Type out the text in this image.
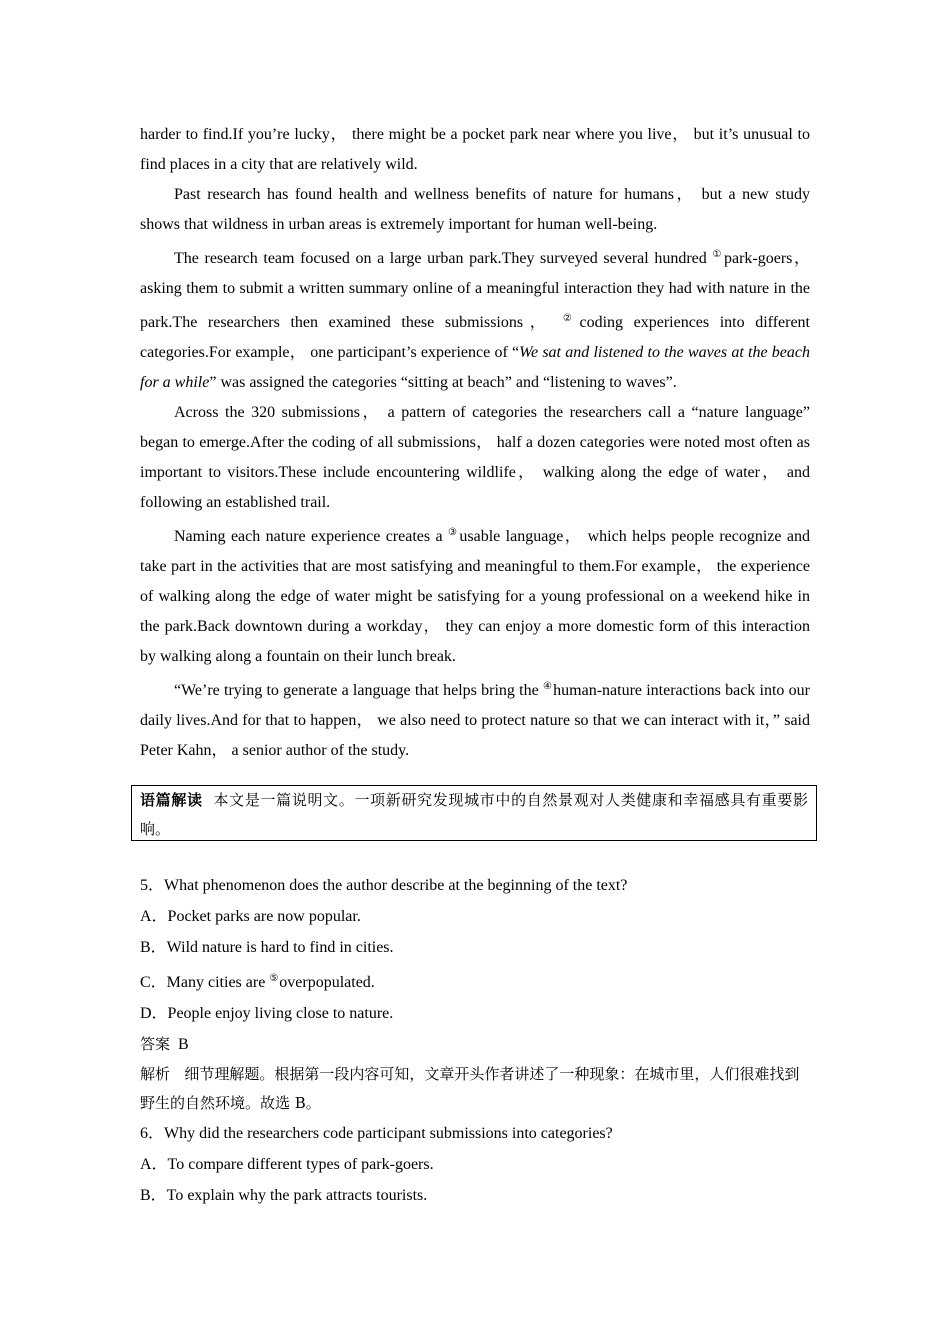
harder to find.If you’re lucky， there might be a pocket park near where you live， but it’s unusual to find places in a city that are relatively wild.

Past research has found health and wellness benefits of nature for humans， but a new study shows that wildness in urban areas is extremely important for human well-being.

The research team focused on a large urban park.They surveyed several hundred ①park-goers， asking them to submit a written summary online of a meaningful interaction they had with nature in the park.The researchers then examined these submissions， ②coding experiences into different categories.For example， one participant’s experience of “We sat and listened to the waves at the beach for a while” was assigned the categories “sitting at beach” and “listening to waves”.

Across the 320 submissions， a pattern of categories the researchers call a “nature language” began to emerge.After the coding of all submissions， half a dozen categories were noted most often as important to visitors.These include encountering wildlife， walking along the edge of water， and following an established trail.

Naming each nature experience creates a ③usable language， which helps people recognize and take part in the activities that are most satisfying and meaningful to them.For example， the experience of walking along the edge of water might be satisfying for a young professional on a weekend hike in the park.Back downtown during a workday， they can enjoy a more domestic form of this interaction by walking along a fountain on their lunch break.

“We’re trying to generate a language that helps bring the ④human-nature interactions back into our daily lives.And for that to happen， we also need to protect nature so that we can interact with it，” said Peter Kahn， a senior author of the study.

语篇解读 本文是一篇说明文。一项新研究发现城市中的自然景观对人类健康和幸福感具有重要影响。

5．What phenomenon does the author describe at the beginning of the text?

A．Pocket parks are now popular.

B．Wild nature is hard to find in cities.

C．Many cities are ⑤overpopulated.

D．People enjoy living close to nature.

答案 B

解析 细节理解题。根据第一段内容可知，文章开头作者讲述了一种现象：在城市里，人们很难找到野生的自然环境。故选 B。

6．Why did the researchers code participant submissions into categories?

A．To compare different types of park-goers.

B．To explain why the park attracts tourists.
